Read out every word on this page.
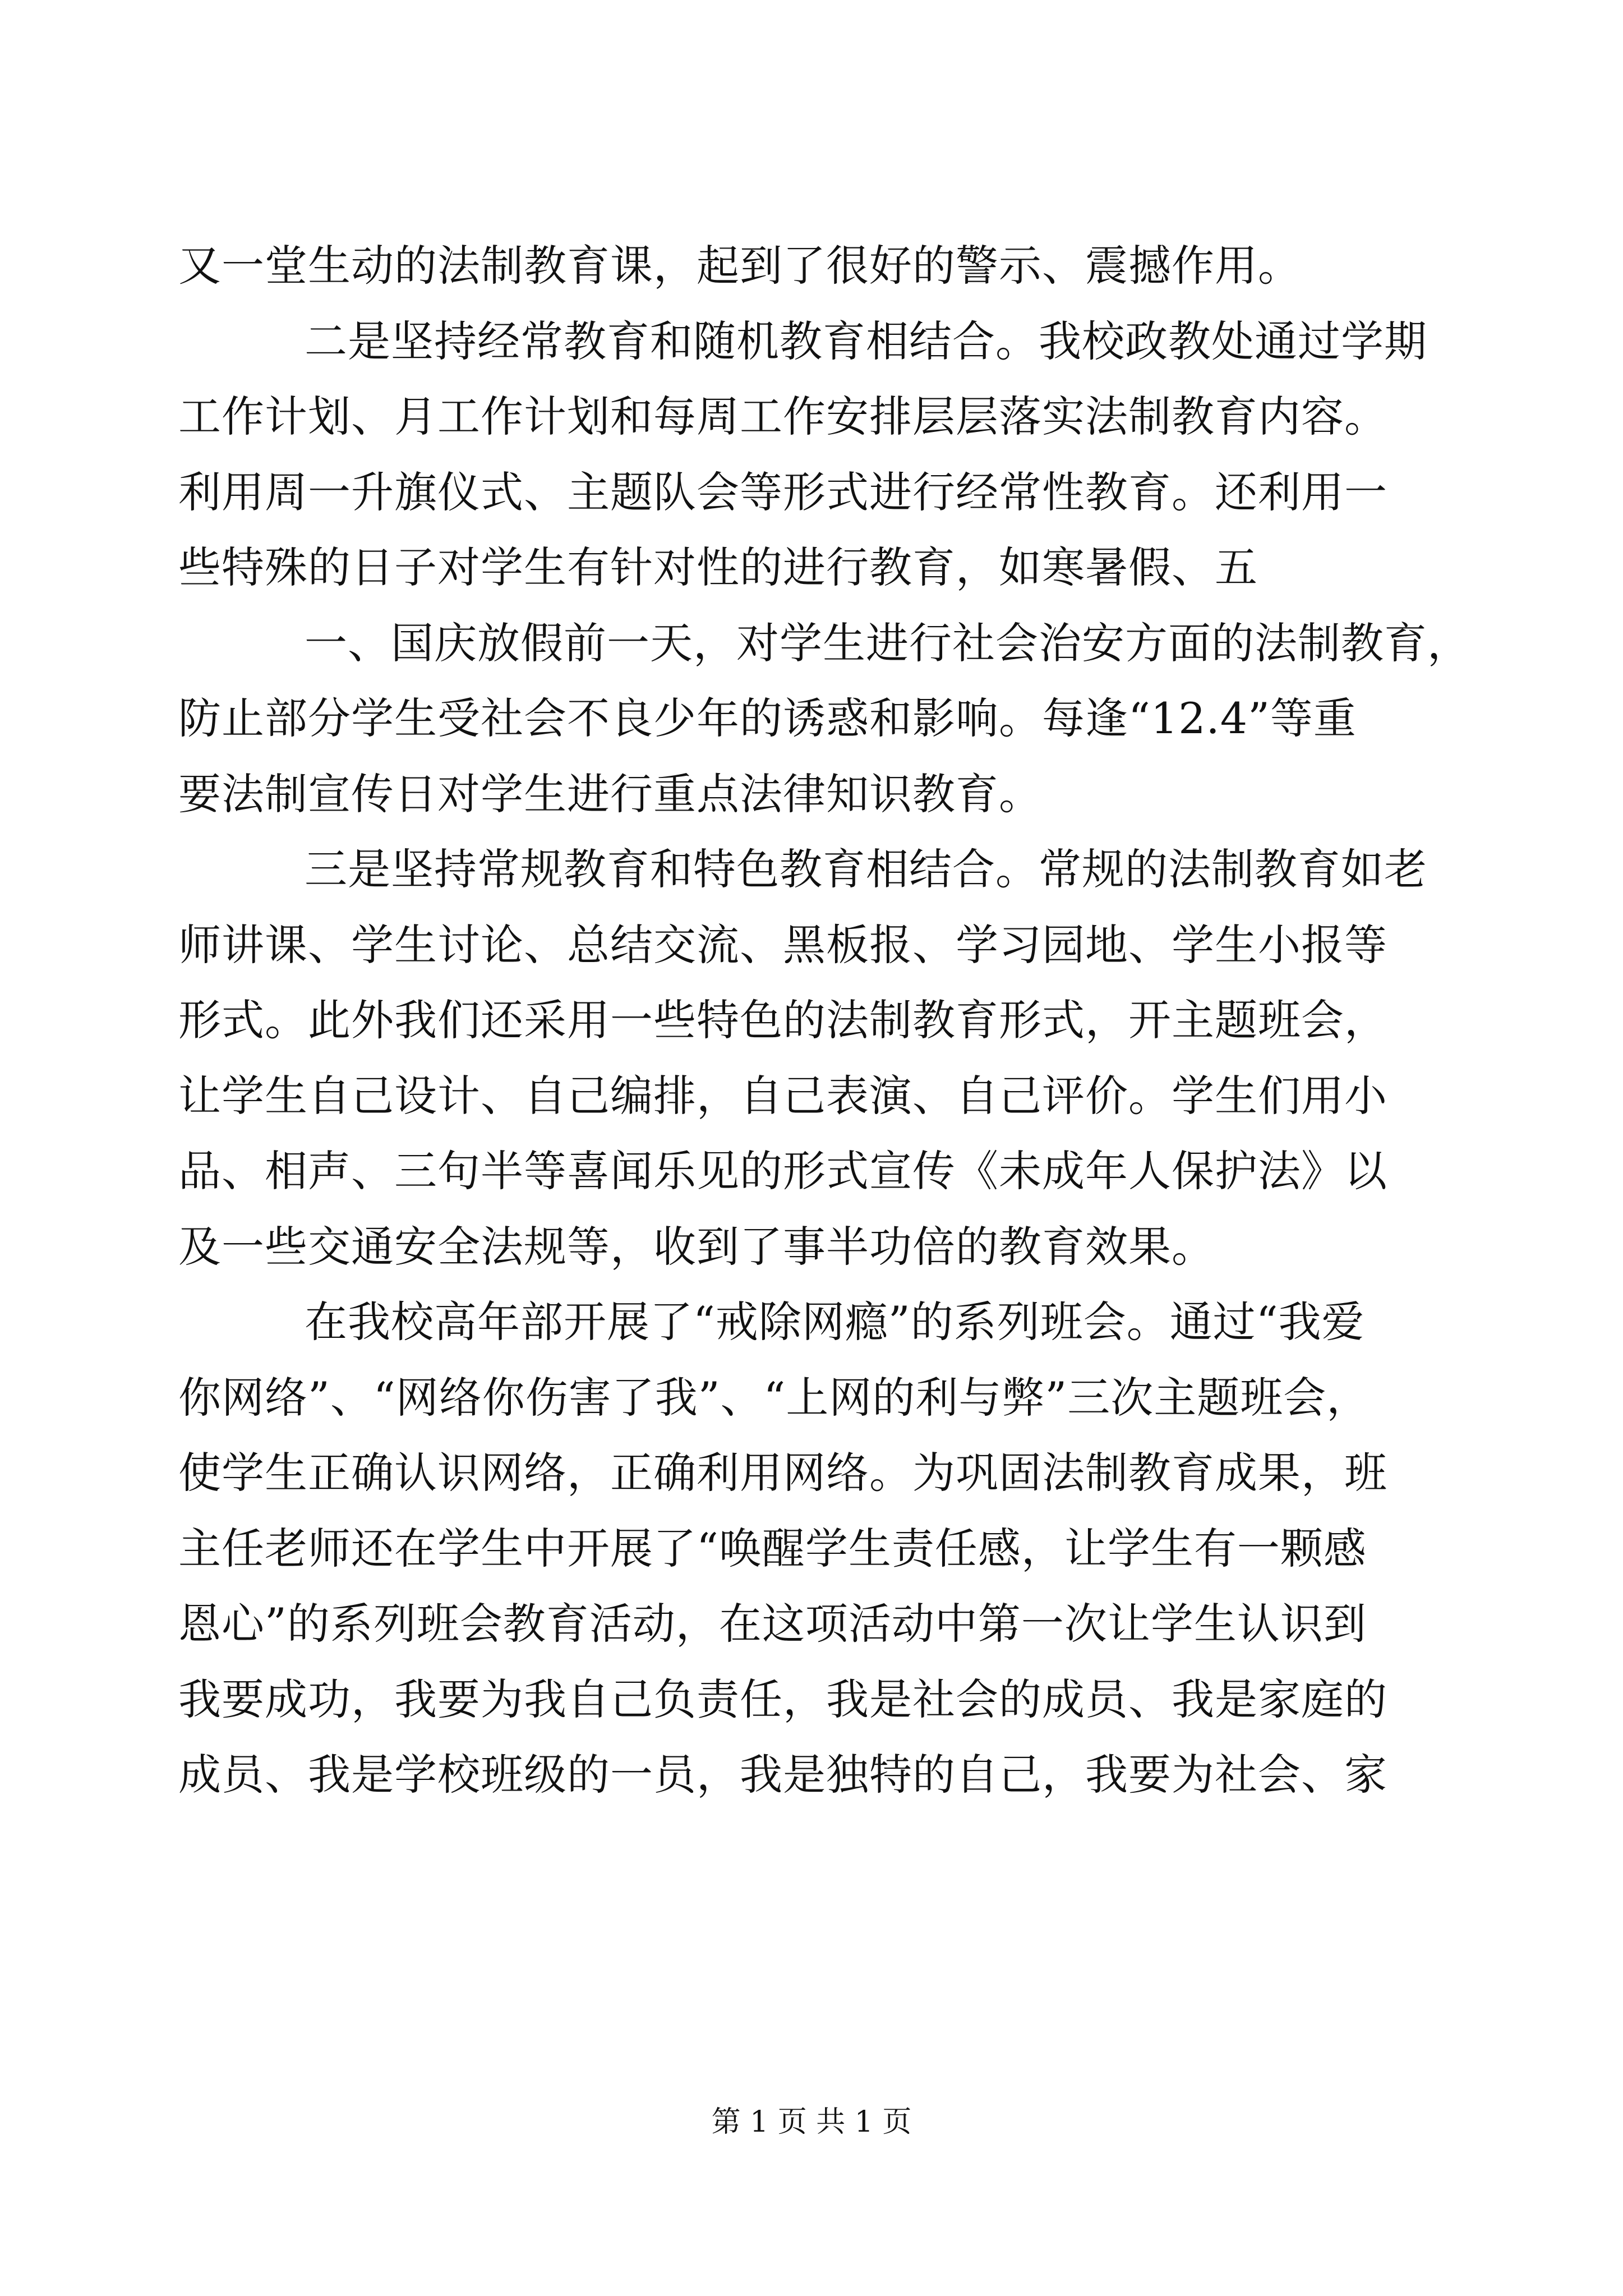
又一堂生动的法制教育课，起到了很好的警示、震撼作用。
二是坚持经常教育和随机教育相结合。我校政教处通过学期
工作计划、月工作计划和每周工作安排层层落实法制教育内容。
利用周一升旗仪式、主题队会等形式进行经常性教育。还利用一
些特殊的日子对学生有针对性的进行教育，如寒暑假、五
一、国庆放假前一天，对学生进行社会治安方面的法制教育，
防止部分学生受社会不良少年的诱惑和影响。每逢“12.4”等重
要法制宣传日对学生进行重点法律知识教育。
三是坚持常规教育和特色教育相结合。常规的法制教育如老
师讲课、学生讨论、总结交流、黑板报、学习园地、学生小报等
形式。此外我们还采用一些特色的法制教育形式，开主题班会，
让学生自己设计、自己编排，自己表演、自己评价。学生们用小
品、相声、三句半等喜闻乐见的形式宣传《未成年人保护法》以
及一些交通安全法规等，收到了事半功倍的教育效果。
在我校高年部开展了“戒除网瘾”的系列班会。通过“我爱
你网络”、“网络你伤害了我”、“上网的利与弊”三次主题班会，
使学生正确认识网络，正确利用网络。为巩固法制教育成果，班
主任老师还在学生中开展了“唤醒学生责任感，让学生有一颗感
恩心”的系列班会教育活动，在这项活动中第一次让学生认识到
我要成功，我要为我自己负责任，我是社会的成员、我是家庭的
成员、我是学校班级的一员，我是独特的自己，我要为社会、家
第 1 页 共 1 页
